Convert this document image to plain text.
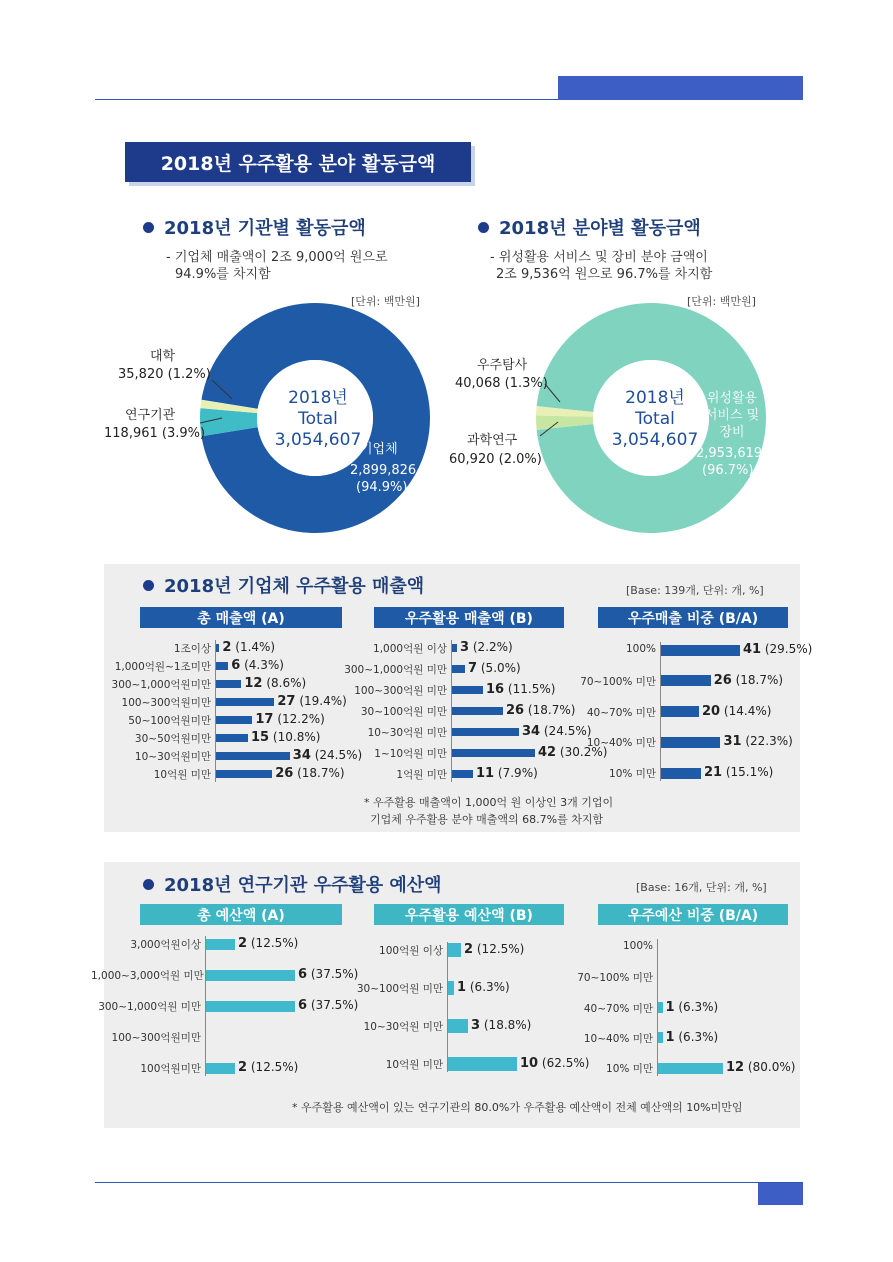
2018년 우주활용 분야 활동금액
2018년 기관별 활동금액
- 기업체 매출액이 2조 9,000억 원으로
94.9%를 차지함
[단위: 백만원]
2018년 분야별 활동금액
- 위성활용 서비스 및 장비 분야 금액이
2조 9,536억 원으로 96.7%를 차지함
[단위: 백만원]
2018년
Total
3,054,607
대학
35,820 (1.2%)
연구기관
118,961 (3.9%)
기업체
2,899,826
(94.9%)
2018년
Total
3,054,607
우주탐사
40,068 (1.3%)
과학연구
60,920 (2.0%)
위성활용
서비스 및
장비
2,953,619
(96.7%)
2018년 기업체 우주활용 매출액	[Base: 139개, 단위: 개, %]
총 매출액 (A)	우주활용 매출액 (B)	우주매출 비중 (B/A)
* 우주활용 매출액이 1,000억 원 이상인 3개 기업이
기업체 우주활용 분야 매출액의 68.7%를 차지함
2018년 연구기관 우주활용 예산액	[Base: 16개, 단위: 개, %]
총 예산액 (A)	우주활용 예산액 (B)	우주예산 비중 (B/A)
* 우주활용 예산액이 있는 연구기관의 80.0%가 우주활용 예산액이 전체 예산액의 10%미만임
1조이상 2 (1.4%)
1,000억원~1조미만 6 (4.3%)
300~1,000억원미만	12 (8.6%)
100~300억원미만	27 (19.4%)
50~100억원미만	17 (12.2%)
30~50억원미만	15 (10.8%)
10~30억원미만	34 (24.5%)
10억원 미만	26 (18.7%)
1,000억원 이상 3 (2.2%)
300~1,000억원 미만 7 (5.0%)
100~300억원 미만	16 (11.5%)
30~100억원 미만	26 (18.7%)
10~30억원 미만	34 (24.5%)
1~10억원 미만	42 (30.2%)
1억원 미만 11 (7.9%)
100%	41 (29.5%)
70~100% 미만	26 (18.7%)
40~70% 미만	20 (14.4%)
10~40% 미만	31 (22.3%)
10% 미만	21 (15.1%)
3,000억원이상	2 (12.5%)
1,000~3,000억원 미만	6 (37.5%)
300~1,000억원 미만	6 (37.5%)
100~300억원미만
100억원미만	2 (12.5%)
100억원 이상 2 (12.5%)
30~100억원 미만 1 (6.3%)
10~30억원 미만 3 (18.8%)
10억원 미만	10 (62.5%)
100%
70~100% 미만
40~70% 미만 1 (6.3%)
10~40% 미만 1 (6.3%)
10% 미만	12 (80.0%)
